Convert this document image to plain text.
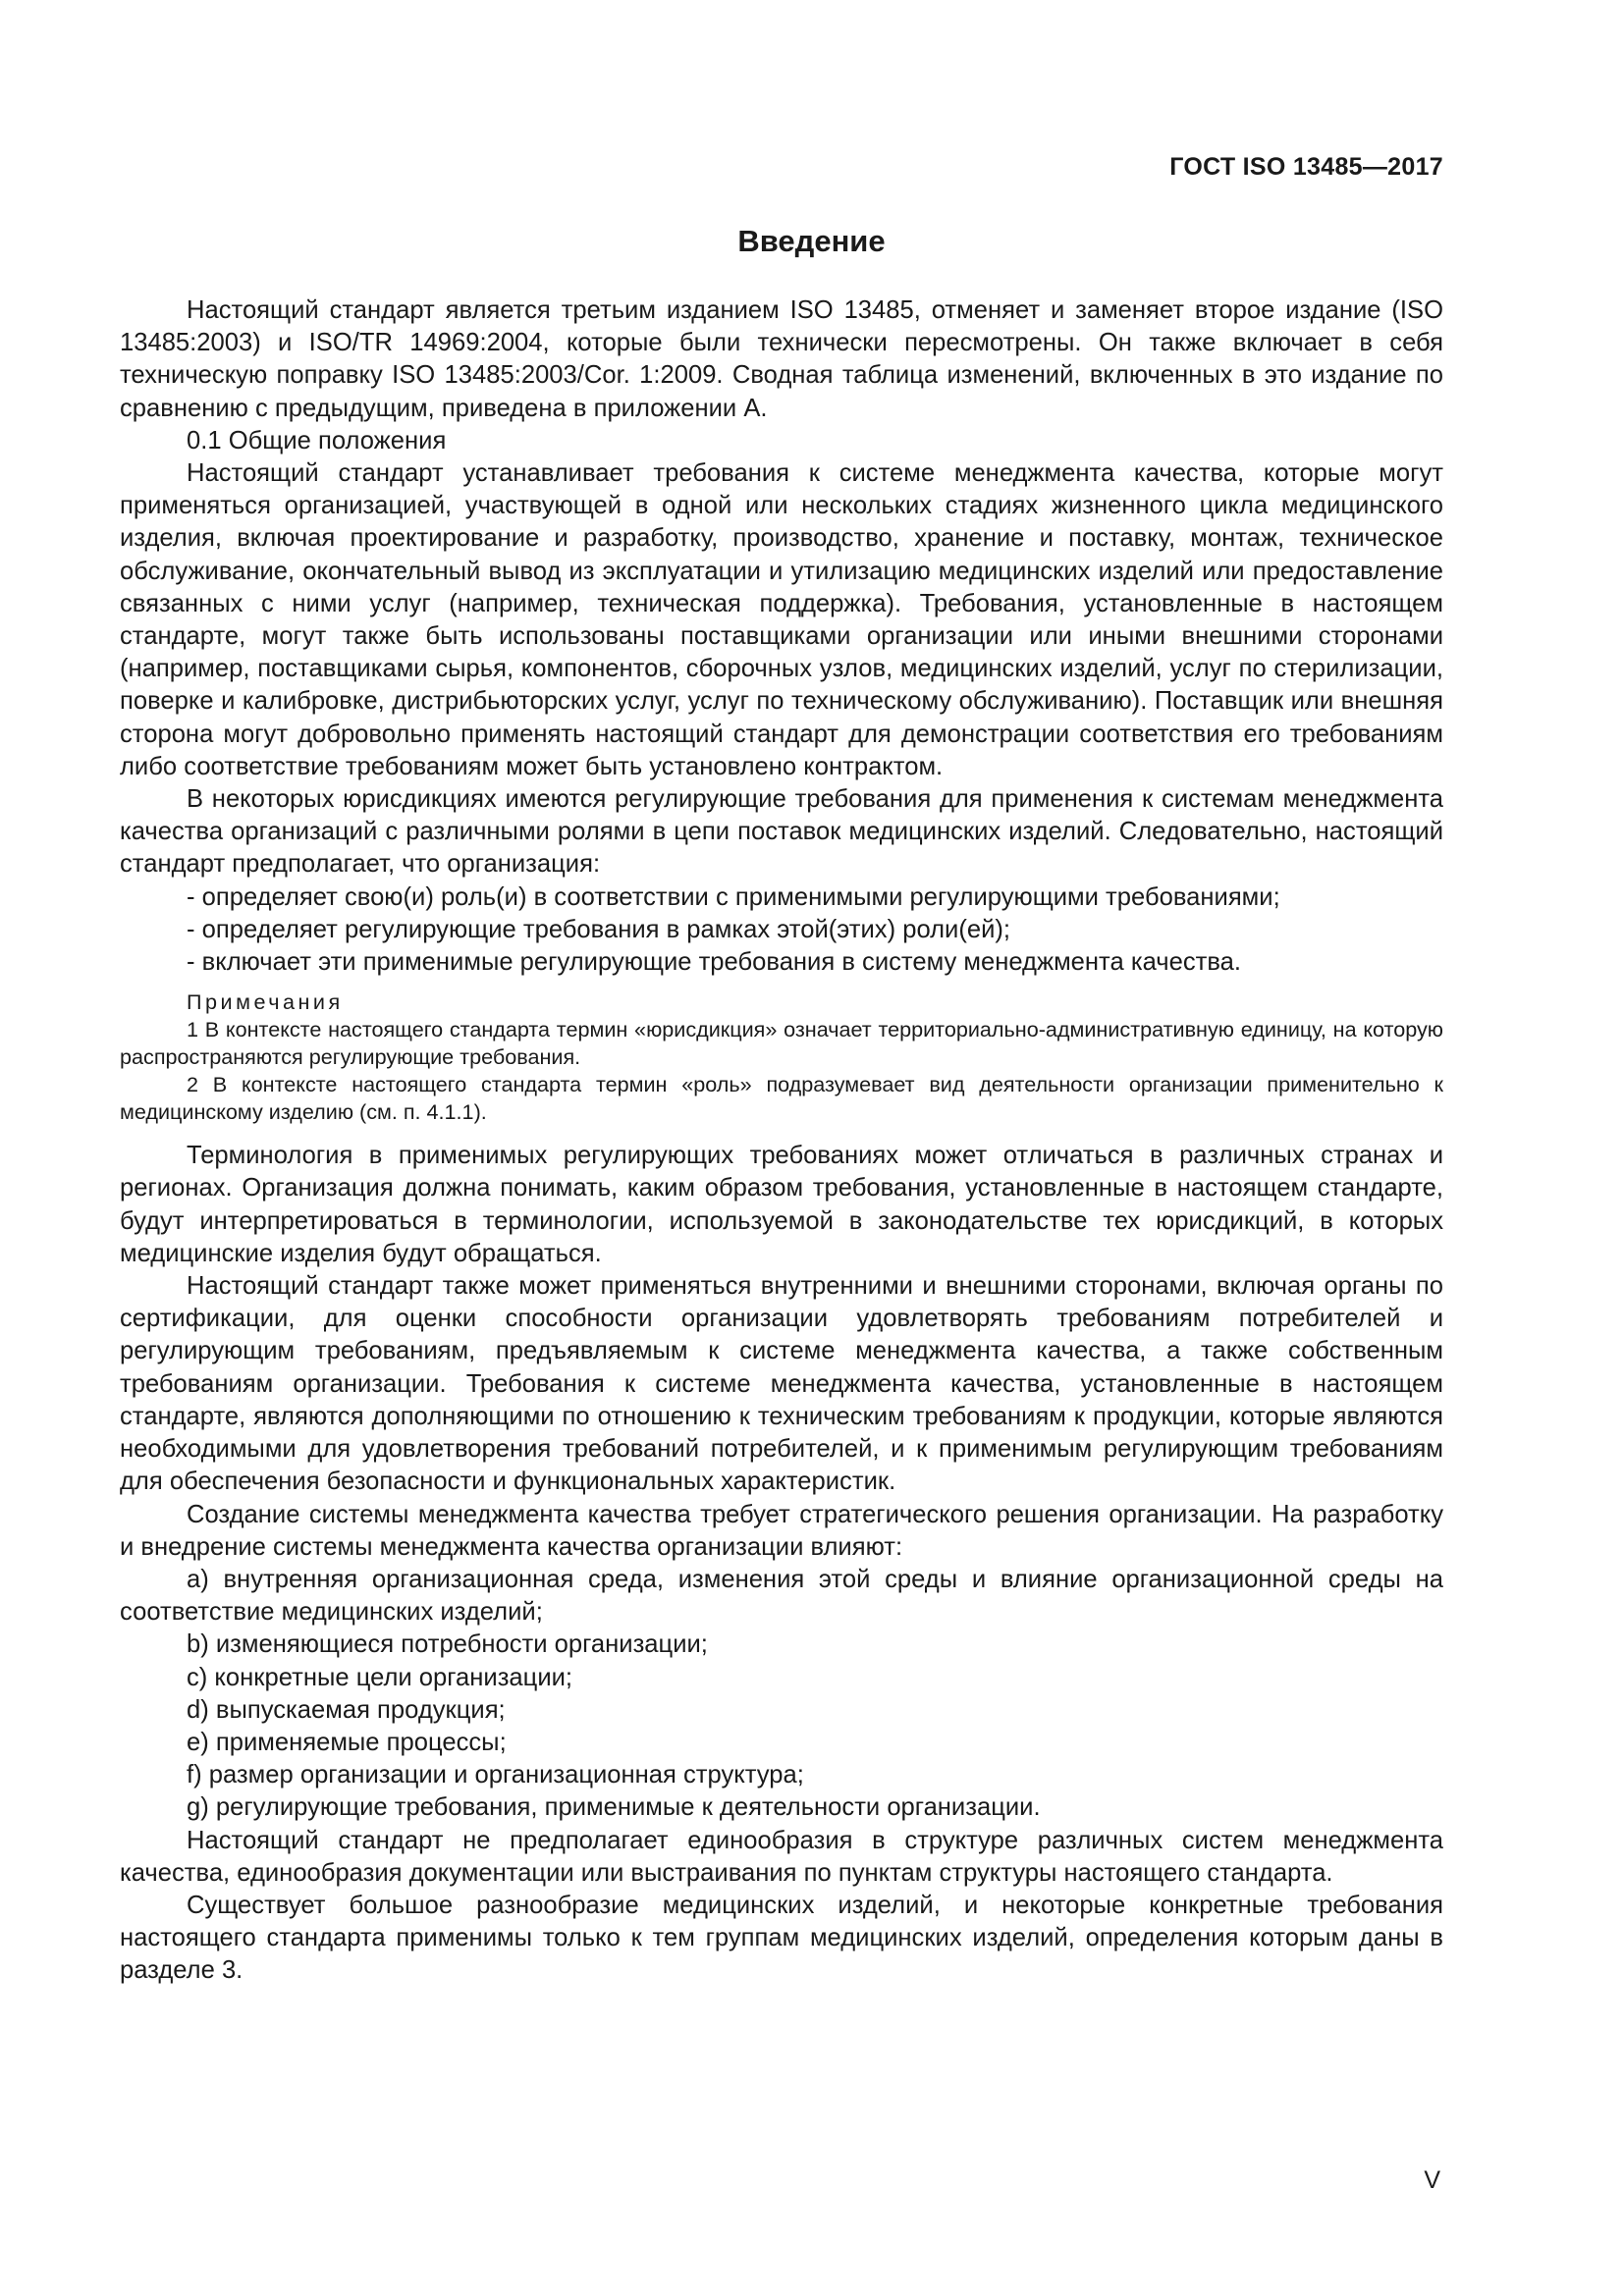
ГОСТ ISO 13485—2017
Введение

Настоящий стандарт является третьим изданием ISO 13485, отменяет и заменяет второе издание (ISO 13485:2003) и ISO/TR 14969:2004, которые были технически пересмотрены. Он также включает в себя техническую поправку ISO 13485:2003/Cor. 1:2009. Сводная таблица изменений, включенных в это издание по сравнению с предыдущим, приведена в приложении А.

0.1 Общие положения

Настоящий стандарт устанавливает требования к системе менеджмента качества, которые могут применяться организацией, участвующей в одной или нескольких стадиях жизненного цикла медицинского изделия, включая проектирование и разработку, производство, хранение и поставку, монтаж, техническое обслуживание, окончательный вывод из эксплуатации и утилизацию медицинских изделий или предоставление связанных с ними услуг (например, техническая поддержка). Требования, установленные в настоящем стандарте, могут также быть использованы поставщиками организации или иными внешними сторонами (например, поставщиками сырья, компонентов, сборочных узлов, медицинских изделий, услуг по стерилизации, поверке и калибровке, дистрибьюторских услуг, услуг по техническому обслуживанию). Поставщик или внешняя сторона могут добровольно применять настоящий стандарт для демонстрации соответствия его требованиям либо соответствие требованиям может быть установлено контрактом.

В некоторых юрисдикциях имеются регулирующие требования для применения к системам менеджмента качества организаций с различными ролями в цепи поставок медицинских изделий. Следовательно, настоящий стандарт предполагает, что организация:

- определяет свою(и) роль(и) в соответствии с применимыми регулирующими требованиями;
- определяет регулирующие требования в рамках этой(этих) роли(ей);
- включает эти применимые регулирующие требования в систему менеджмента качества.

Примечания

1 В контексте настоящего стандарта термин «юрисдикция» означает территориально-административную единицу, на которую распространяются регулирующие требования.

2 В контексте настоящего стандарта термин «роль» подразумевает вид деятельности организации применительно к медицинскому изделию (см. п. 4.1.1).

Терминология в применимых регулирующих требованиях может отличаться в различных странах и регионах. Организация должна понимать, каким образом требования, установленные в настоящем стандарте, будут интерпретироваться в терминологии, используемой в законодательстве тех юрисдикций, в которых медицинские изделия будут обращаться.

Настоящий стандарт также может применяться внутренними и внешними сторонами, включая органы по сертификации, для оценки способности организации удовлетворять требованиям потребителей и регулирующим требованиям, предъявляемым к системе менеджмента качества, а также собственным требованиям организации. Требования к системе менеджмента качества, установленные в настоящем стандарте, являются дополняющими по отношению к техническим требованиям к продукции, которые являются необходимыми для удовлетворения требований потребителей, и к применимым регулирующим требованиям для обеспечения безопасности и функциональных характеристик.

Создание системы менеджмента качества требует стратегического решения организации. На разработку и внедрение системы менеджмента качества организации влияют:

a) внутренняя организационная среда, изменения этой среды и влияние организационной среды на соответствие медицинских изделий;

b) изменяющиеся потребности организации;
c) конкретные цели организации;
d) выпускаемая продукция;
e) применяемые процессы;
f) размер организации и организационная структура;
g) регулирующие требования, применимые к деятельности организации.

Настоящий стандарт не предполагает единообразия в структуре различных систем менеджмента качества, единообразия документации или выстраивания по пунктам структуры настоящего стандарта.

Существует большое разнообразие медицинских изделий, и некоторые конкретные требования настоящего стандарта применимы только к тем группам медицинских изделий, определения которым даны в разделе 3.

V
